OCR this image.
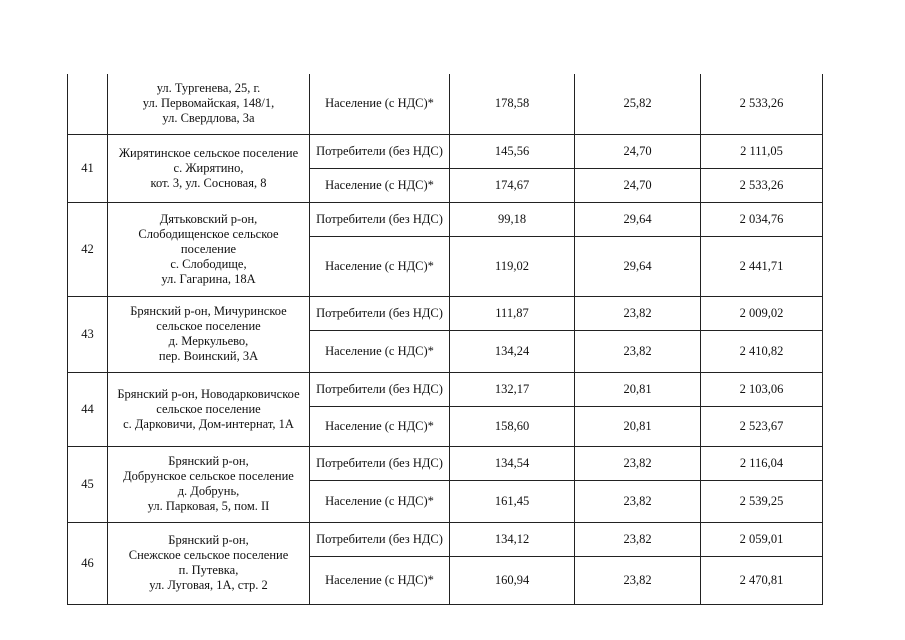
	ул. Тургенева, 25, г.
ул. Первомайская, 148/1,
ул. Свердлова, 3а	Население (с НДС)*	178,58	25,82	2 533,26
41	Жирятинское сельское поселение
с. Жирятино,
кот. 3, ул. Сосновая, 8	Потребители (без НДС)	145,56	24,70	2 111,05
		Население (с НДС)*	174,67	24,70	2 533,26
42	Дятьковский р-он,
Слободищенское сельское
поселение
с. Слободище,
ул. Гагарина, 18А	Потребители (без НДС)	99,18	29,64	2 034,76
		Население (с НДС)*	119,02	29,64	2 441,71
43	Брянский р-он, Мичуринское
сельское поселение
д. Меркульево,
пер. Воинский, 3А	Потребители (без НДС)	111,87	23,82	2 009,02
		Население (с НДС)*	134,24	23,82	2 410,82
44	Брянский р-он, Новодарковичское
сельское поселение
с. Дарковичи, Дом-интернат, 1А	Потребители (без НДС)	132,17	20,81	2 103,06
		Население (с НДС)*	158,60	20,81	2 523,67
45	Брянский р-он,
Добрунское сельское поселение
д. Добрунь,
ул. Парковая, 5, пом. II	Потребители (без НДС)	134,54	23,82	2 116,04
		Население (с НДС)*	161,45	23,82	2 539,25
46	Брянский р-он,
Снежское сельское поселение
п. Путевка,
ул. Луговая, 1А, стр. 2	Потребители (без НДС)	134,12	23,82	2 059,01
		Население (с НДС)*	160,94	23,82	2 470,81
